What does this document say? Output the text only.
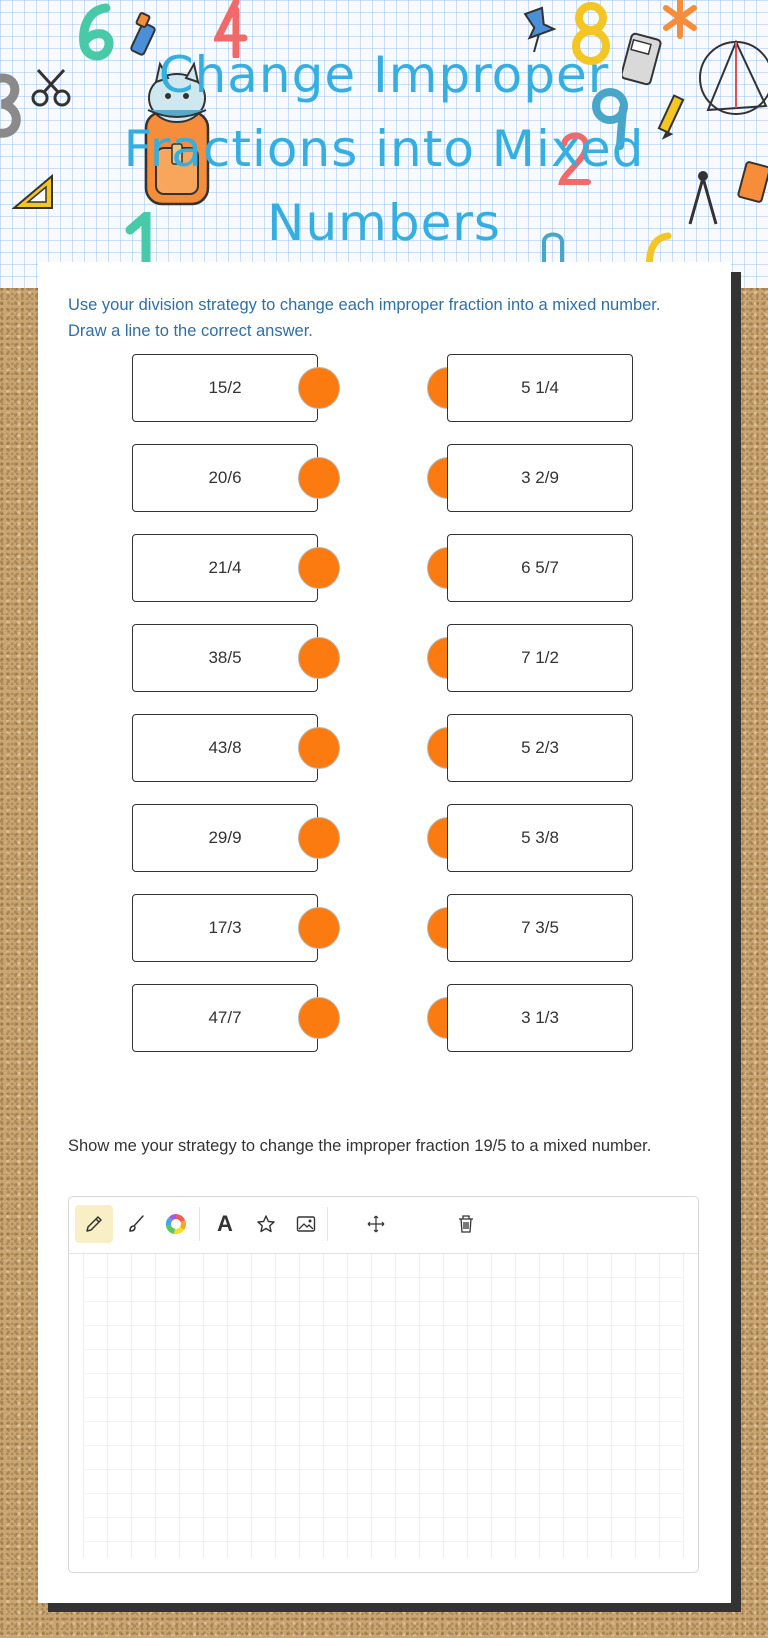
Change Improper
Fractions into Mixed
Numbers
Use your division strategy to change each improper fraction into a mixed number. Draw a line to the correct answer.
15/2	5 1/4
20/6	3 2/9
21/4	6 5/7
38/5	7 1/2
43/8	5 2/3
29/9	5 3/8
17/3	7 3/5
47/7	3 1/3
Show me your strategy to change the improper fraction 19/5 to a mixed number.
A
